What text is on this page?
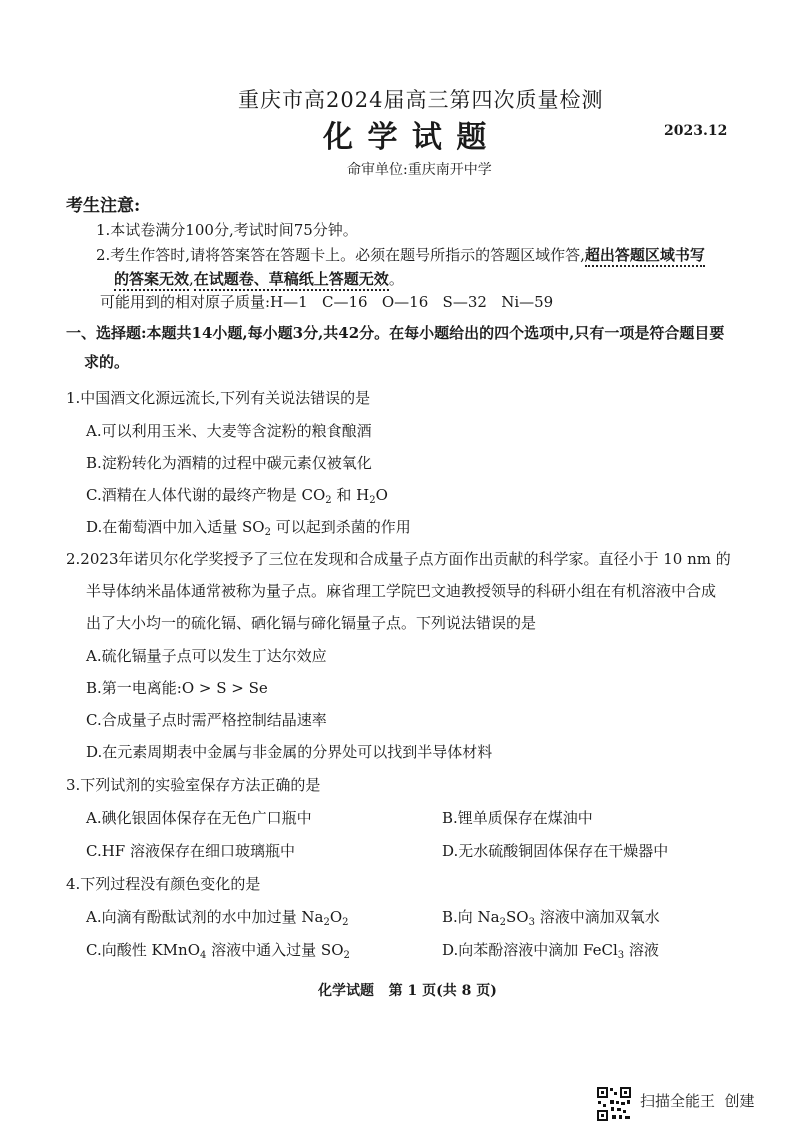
重庆市高2024届高三第四次质量检测
化 学 试 题	2023.12
命审单位:重庆南开中学
考生注意:
1.本试卷满分100分,考试时间75分钟。
2.考生作答时,请将答案答在答题卡上。必须在题号所指示的答题区域作答,超出答题区域书写
的答案无效,在试题卷、草稿纸上答题无效。
可能用到的相对原子质量:H—1   C—16   O—16   S—32   Ni—59
一、选择题:本题共14小题,每小题3分,共42分。在每小题给出的四个选项中,只有一项是符合题目要
求的。
1.中国酒文化源远流长,下列有关说法错误的是
A.可以利用玉米、大麦等含淀粉的粮食酿酒
B.淀粉转化为酒精的过程中碳元素仅被氧化
C.酒精在人体代谢的最终产物是 $CO_2$ 和 $H_2O$
D.在葡萄酒中加入适量 $SO_2$ 可以起到杀菌的作用
2.2023年诺贝尔化学奖授予了三位在发现和合成量子点方面作出贡献的科学家。直径小于 10 nm 的
半导体纳米晶体通常被称为量子点。麻省理工学院巴文迪教授领导的科研小组在有机溶液中合成
出了大小均一的硫化镉、硒化镉与碲化镉量子点。下列说法错误的是
A.硫化镉量子点可以发生丁达尔效应
B.第一电离能:O > S > Se
C.合成量子点时需严格控制结晶速率
D.在元素周期表中金属与非金属的分界处可以找到半导体材料
3.下列试剂的实验室保存方法正确的是
A.碘化银固体保存在无色广口瓶中	B.锂单质保存在煤油中
C.HF 溶液保存在细口玻璃瓶中	D.无水硫酸铜固体保存在干燥器中
4.下列过程没有颜色变化的是
A.向滴有酚酞试剂的水中加过量 $Na_2O_2$	B.向 $Na_2SO_3$ 溶液中滴加双氧水
C.向酸性 KMnO$_4$ 溶液中通入过量 $SO_2$	D.向苯酚溶液中滴加 FeCl$_3$ 溶液
化学试题   第 1 页(共 8 页)
扫描全能王  创建
